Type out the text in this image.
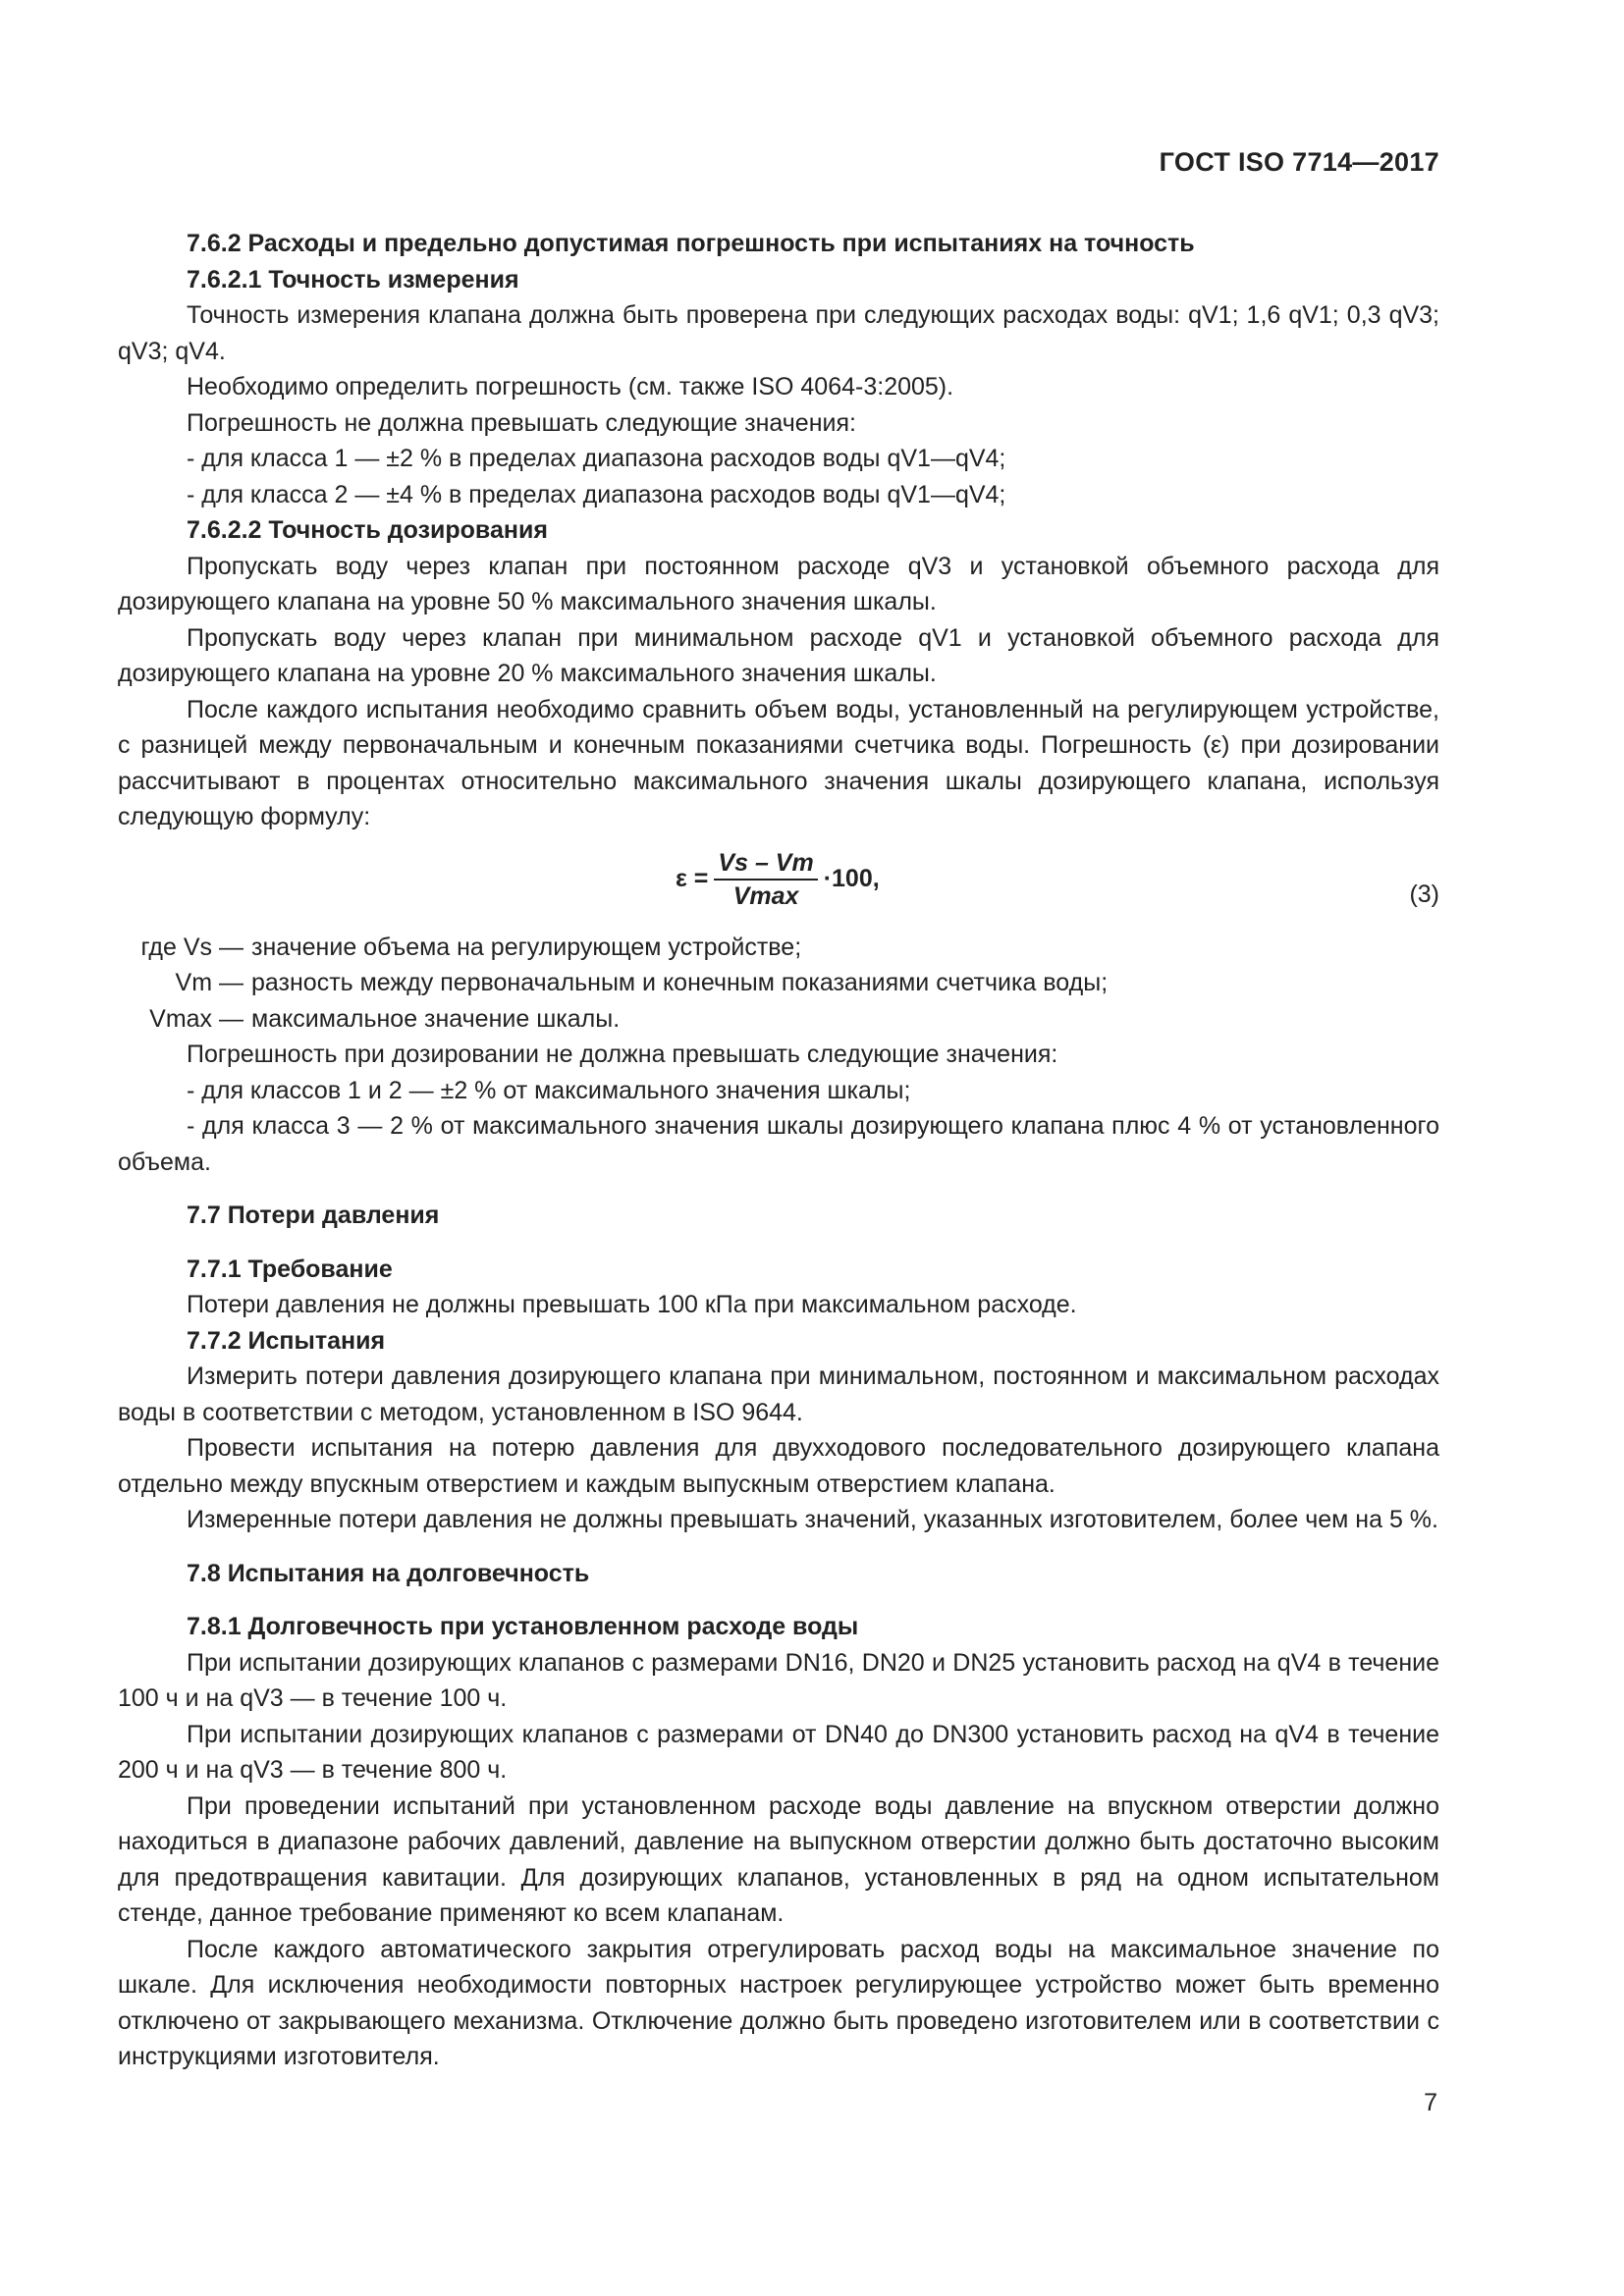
ГОСТ ISO 7714—2017
7.6.2 Расходы и предельно допустимая погрешность при испытаниях на точность
7.6.2.1 Точность измерения
Точность измерения клапана должна быть проверена при следующих расходах воды: qV1; 1,6 qV1; 0,3 qV3; qV3; qV4.
Необходимо определить погрешность (см. также ISO 4064-3:2005).
Погрешность не должна превышать следующие значения:
- для класса 1 — ±2 % в пределах диапазона расходов воды qV1—qV4;
- для класса 2 — ±4 % в пределах диапазона расходов воды qV1—qV4;
7.6.2.2 Точность дозирования
Пропускать воду через клапан при постоянном расходе qV3 и установкой объемного расхода для дозирующего клапана на уровне 50 % максимального значения шкалы.
Пропускать воду через клапан при минимальном расходе qV1 и установкой объемного расхода для дозирующего клапана на уровне 20 % максимального значения шкалы.
После каждого испытания необходимо сравнить объем воды, установленный на регулирующем устройстве, с разницей между первоначальным и конечным показаниями счетчика воды. Погрешность (ε) при дозировании рассчитывают в процентах относительно максимального значения шкалы дозирующего клапана, используя следующую формулу:
$\varepsilon = \frac{Vs - Vm}{Vmax} \cdot 100$,
(3)
где Vs — значение объема на регулирующем устройстве;
Vm — разность между первоначальным и конечным показаниями счетчика воды;
Vmax — максимальное значение шкалы.
Погрешность при дозировании не должна превышать следующие значения:
- для классов 1 и 2 — ±2 % от максимального значения шкалы;
- для класса 3 — 2 % от максимального значения шкалы дозирующего клапана плюс 4 % от установленного объема.
7.7 Потери давления
7.7.1 Требование
Потери давления не должны превышать 100 кПа при максимальном расходе.
7.7.2 Испытания
Измерить потери давления дозирующего клапана при минимальном, постоянном и максимальном расходах воды в соответствии с методом, установленном в ISO 9644.
Провести испытания на потерю давления для двухходового последовательного дозирующего клапана отдельно между впускным отверстием и каждым выпускным отверстием клапана.
Измеренные потери давления не должны превышать значений, указанных изготовителем, более чем на 5 %.
7.8 Испытания на долговечность
7.8.1 Долговечность при установленном расходе воды
При испытании дозирующих клапанов с размерами DN16, DN20 и DN25 установить расход на qV4 в течение 100 ч и на qV3 — в течение 100 ч.
При испытании дозирующих клапанов с размерами от DN40 до DN300 установить расход на qV4 в течение 200 ч и на qV3 — в течение 800 ч.
При проведении испытаний при установленном расходе воды давление на впускном отверстии должно находиться в диапазоне рабочих давлений, давление на выпускном отверстии должно быть достаточно высоким для предотвращения кавитации. Для дозирующих клапанов, установленных в ряд на одном испытательном стенде, данное требование применяют ко всем клапанам.
После каждого автоматического закрытия отрегулировать расход воды на максимальное значение по шкале. Для исключения необходимости повторных настроек регулирующее устройство может быть временно отключено от закрывающего механизма. Отключение должно быть проведено изготовителем или в соответствии с инструкциями изготовителя.
7
